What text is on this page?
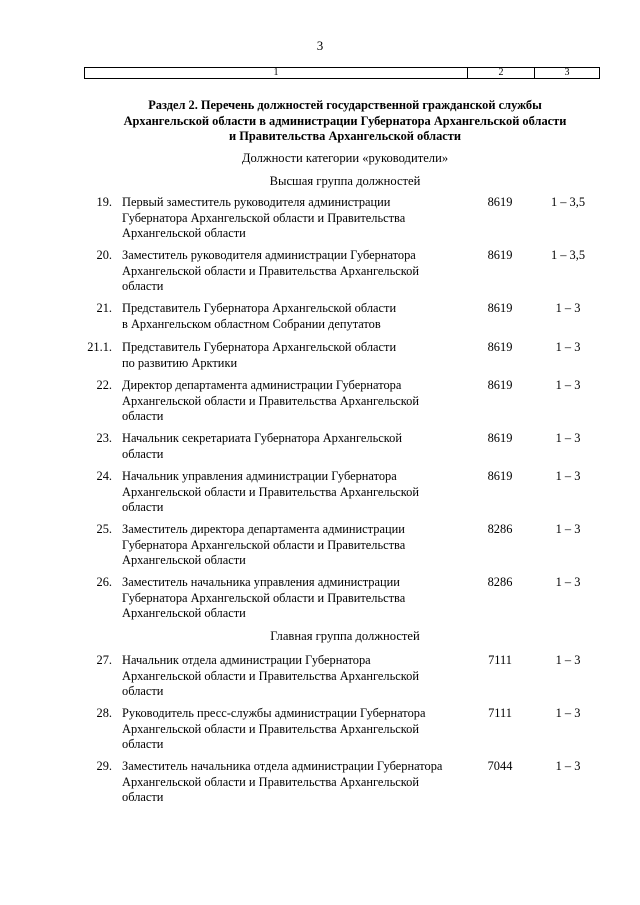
3
1	2	3
Раздел 2. Перечень должностей государственной гражданской службы
Архангельской области в администрации Губернатора Архангельской области
и Правительства Архангельской области
Должности категории «руководители»
Высшая группа должностей
19. Первый заместитель руководителя администрации
Губернатора Архангельской области и Правительства
Архангельской области
8619	1 – 3,5
20. Заместитель руководителя администрации Губернатора
Архангельской области и Правительства Архангельской
области
8619	1 – 3,5
21. Представитель Губернатора Архангельской области
в Архангельском областном Собрании депутатов
8619	1 – 3
21.1. Представитель Губернатора Архангельской области
по развитию Арктики
8619	1 – 3
22. Директор департамента администрации Губернатора
Архангельской области и Правительства Архангельской
области
8619	1 – 3
23. Начальник секретариата Губернатора Архангельской
области
8619	1 – 3
24. Начальник управления администрации Губернатора
Архангельской области и Правительства Архангельской
области
8619	1 – 3
25. Заместитель директора департамента администрации
Губернатора Архангельской области и Правительства
Архангельской области
8286	1 – 3
26. Заместитель начальника управления администрации
Губернатора Архангельской области и Правительства
Архангельской области
8286	1 – 3
Главная группа должностей
27. Начальник отдела администрации Губернатора
Архангельской области и Правительства Архангельской
области
7111	1 – 3
28. Руководитель пресс-службы администрации Губернатора
Архангельской области и Правительства Архангельской
области
7111	1 – 3
29. Заместитель начальника отдела администрации Губернатора
Архангельской области и Правительства Архангельской
области
7044	1 – 3
